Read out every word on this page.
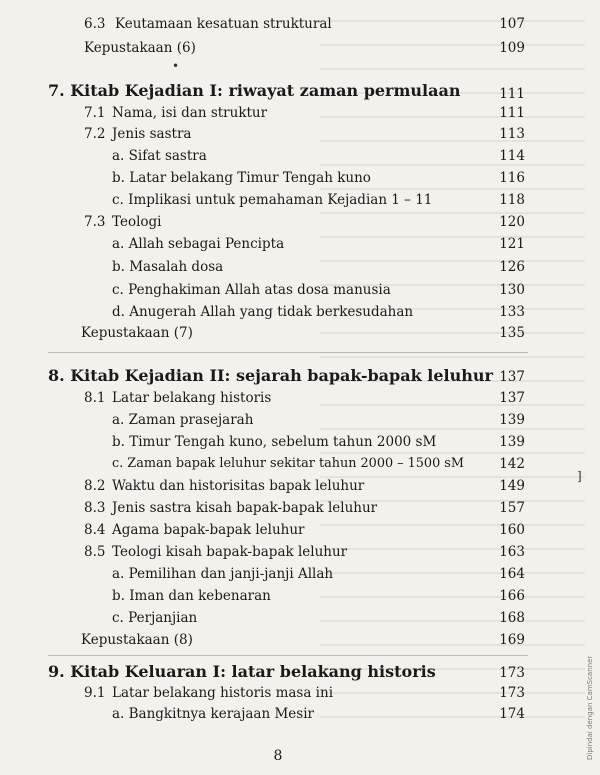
6.3 Keutamaan kesatuan struktural	107
Kepustakaan (6)	109
•
7. Kitab Kejadian I: riwayat zaman permulaan	111
7.1 Nama, isi dan struktur	111
7.2 Jenis sastra	113
a. Sifat sastra	114
b. Latar belakang Timur Tengah kuno	116
c. Implikasi untuk pemahaman Kejadian 1 – 11	118
7.3 Teologi	120
a. Allah sebagai Pencipta	121
b. Masalah dosa	126
c. Penghakiman Allah atas dosa manusia	130
d. Anugerah Allah yang tidak berkesudahan	133
Kepustakaan (7)	135
8. Kitab Kejadian II: sejarah bapak-bapak leluhur 137
8.1 Latar belakang historis	137
a. Zaman prasejarah	139
b. Timur Tengah kuno, sebelum tahun 2000 sM	139
c. Zaman bapak leluhur sekitar tahun 2000 – 1500 sM	142
8.2 Waktu dan historisitas bapak leluhur	149
8.3 Jenis sastra kisah bapak-bapak leluhur	157
8.4 Agama bapak-bapak leluhur	160
8.5 Teologi kisah bapak-bapak leluhur	163
a. Pemilihan dan janji-janji Allah	164
b. Iman dan kebenaran	166
c. Perjanjian	168
Kepustakaan (8)	169
9. Kitab Keluaran I: latar belakang historis	173
9.1 Latar belakang historis masa ini	173
a. Bangkitnya kerajaan Mesir	174
]
8	Dipindai dengan CamScanner
